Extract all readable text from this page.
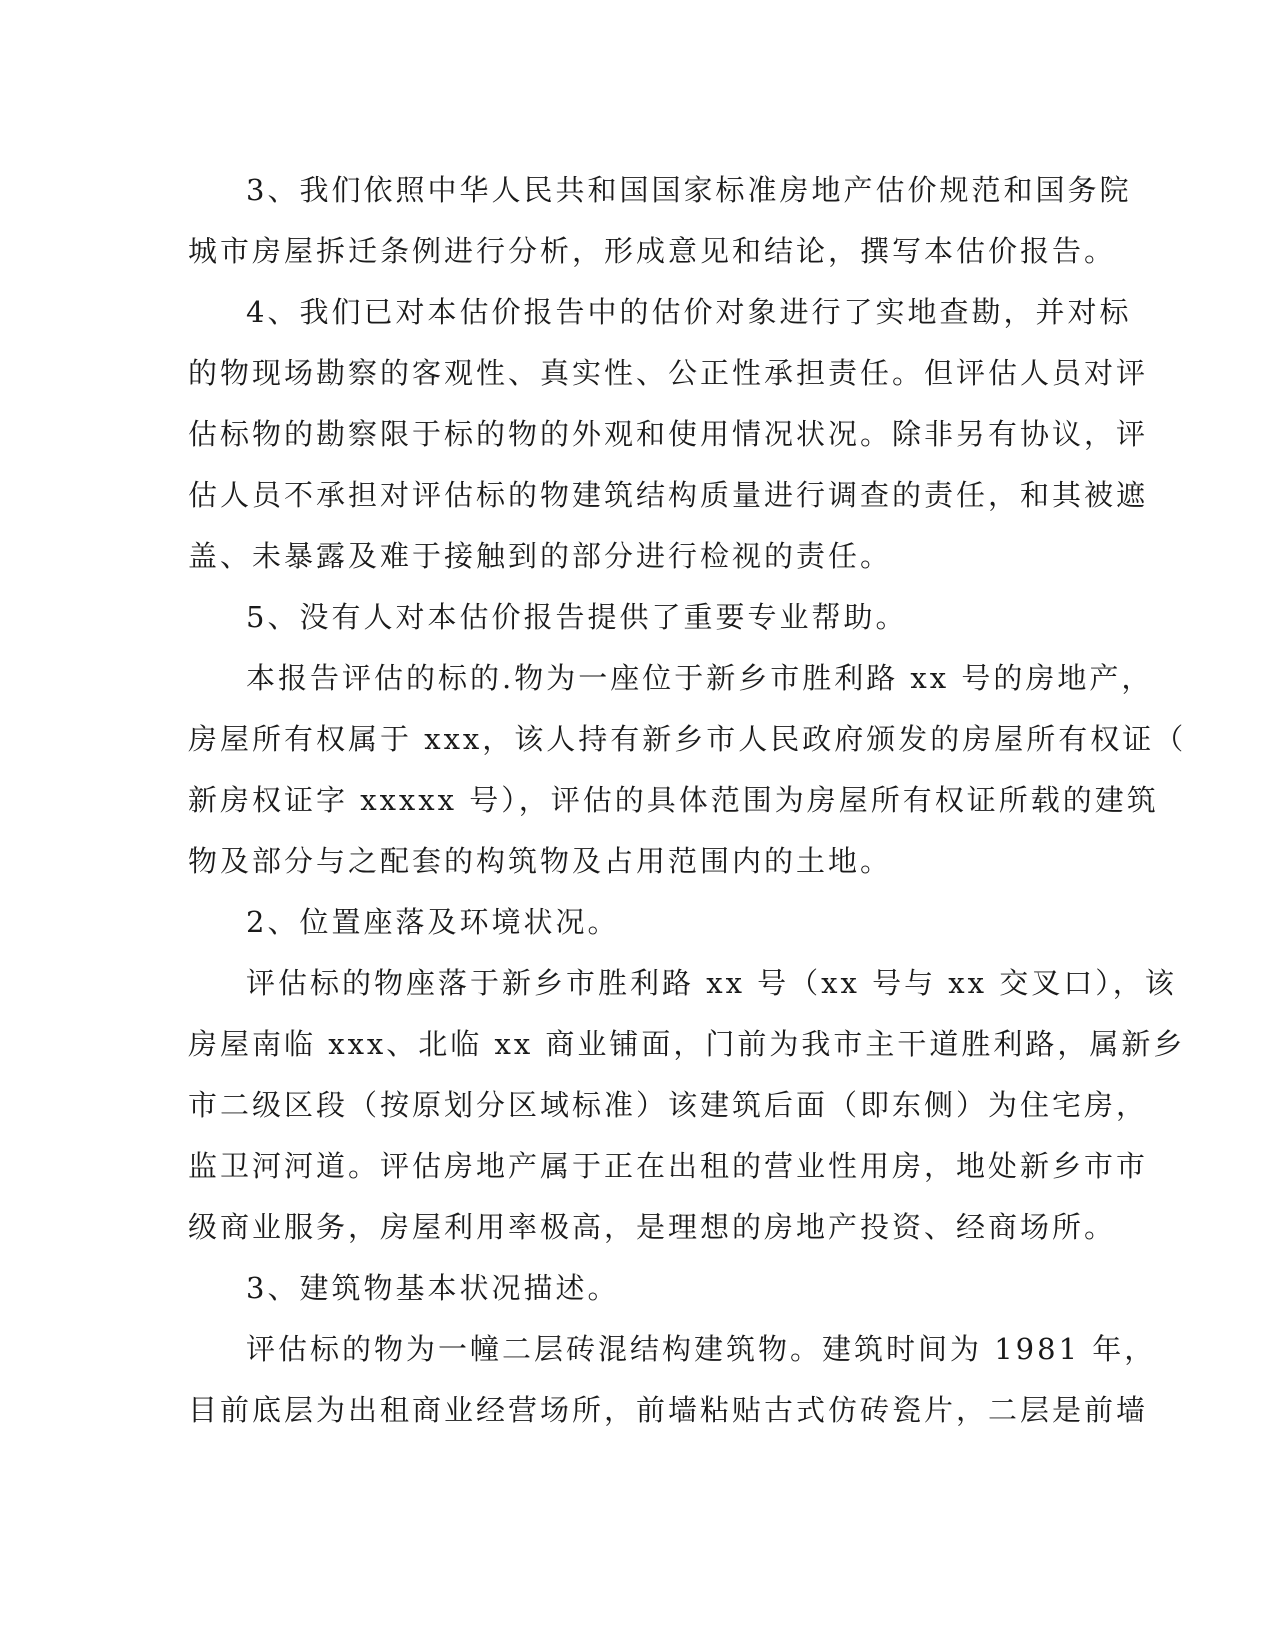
3、我们依照中华人民共和国国家标准房地产估价规范和国务院
城市房屋拆迁条例进行分析，形成意见和结论，撰写本估价报告。

4、我们已对本估价报告中的估价对象进行了实地查勘，并对标
的物现场勘察的客观性、真实性、公正性承担责任。但评估人员对评
估标物的勘察限于标的物的外观和使用情况状况。除非另有协议，评
估人员不承担对评估标的物建筑结构质量进行调查的责任，和其被遮
盖、未暴露及难于接触到的部分进行检视的责任。

5、没有人对本估价报告提供了重要专业帮助。

本报告评估的标的.物为一座位于新乡市胜利路 xx 号的房地产，
房屋所有权属于 xxx，该人持有新乡市人民政府颁发的房屋所有权证（
新房权证字 xxxxx 号），评估的具体范围为房屋所有权证所载的建筑
物及部分与之配套的构筑物及占用范围内的土地。

2、位置座落及环境状况。

评估标的物座落于新乡市胜利路 xx 号（xx 号与 xx 交叉口），该
房屋南临 xxx、北临 xx 商业铺面，门前为我市主干道胜利路，属新乡
市二级区段（按原划分区域标准）该建筑后面（即东侧）为住宅房，
监卫河河道。评估房地产属于正在出租的营业性用房，地处新乡市市
级商业服务，房屋利用率极高，是理想的房地产投资、经商场所。

3、建筑物基本状况描述。

评估标的物为一幢二层砖混结构建筑物。建筑时间为 1981 年，
目前底层为出租商业经营场所，前墙粘贴古式仿砖瓷片，二层是前墙
